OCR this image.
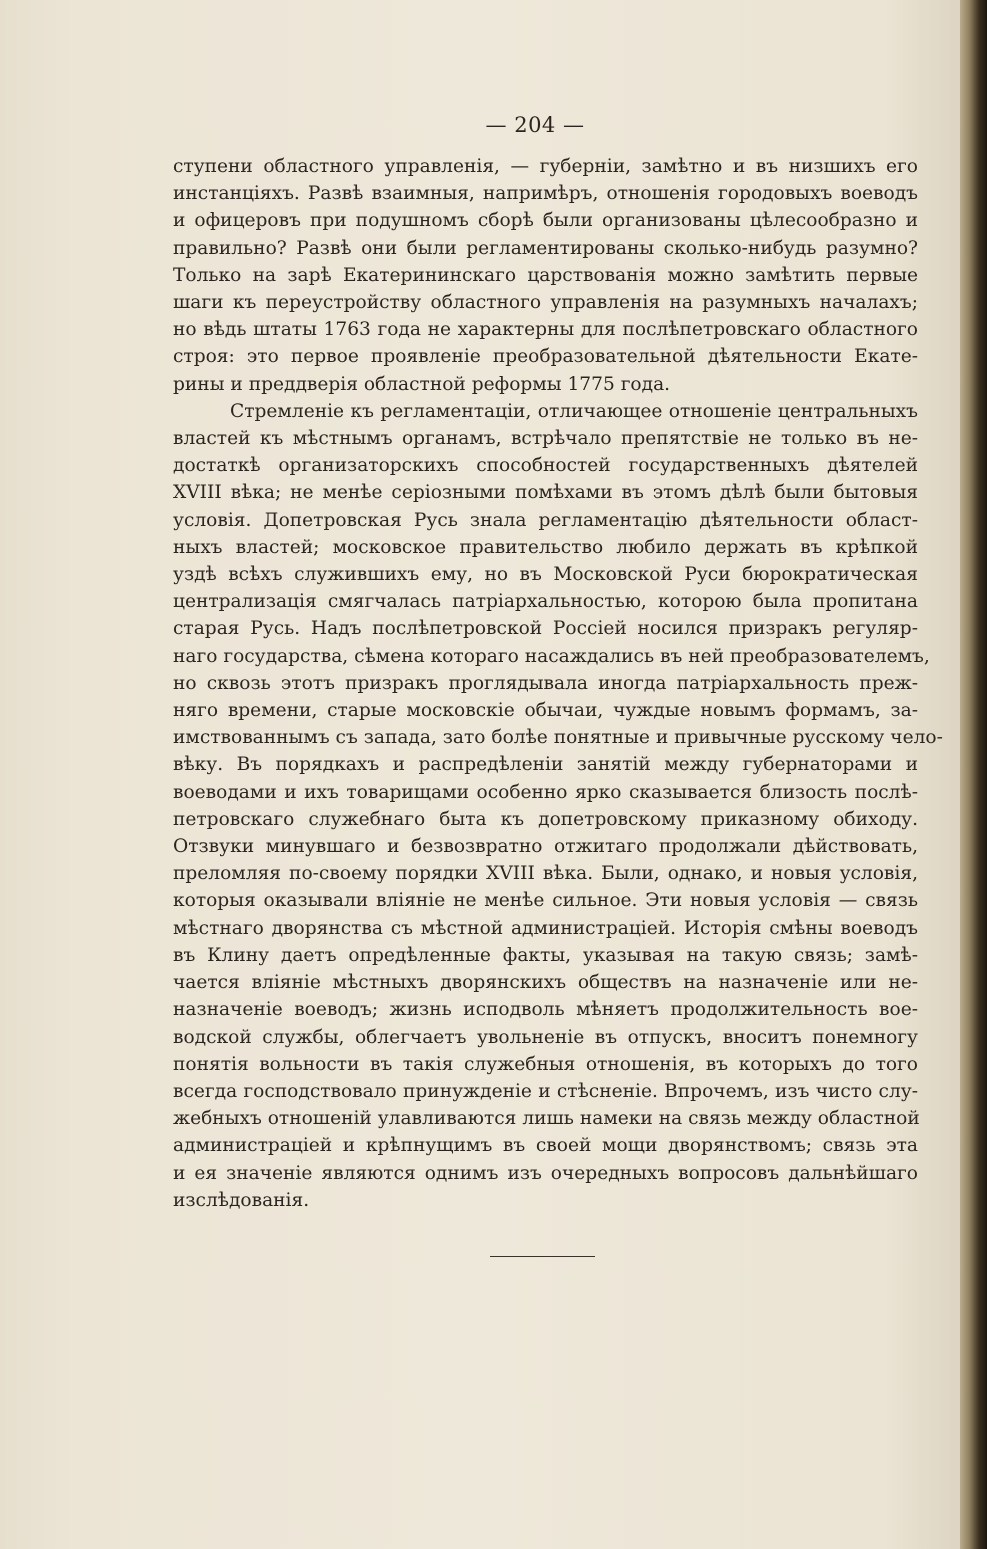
— 204 —
ступени областного управленія, — губерніи, замѣтно и въ низшихъ его
инстанціяхъ. Развѣ взаимныя, напримѣръ, отношенія городовыхъ воеводъ
и офицеровъ при подушномъ сборѣ были организованы цѣлесообразно и
правильно? Развѣ они были регламентированы сколько-нибудь разумно?
Только на зарѣ Екатерининскаго царствованія можно замѣтить первые
шаги къ переустройству областного управленія на разумныхъ началахъ;
но вѣдь штаты 1763 года не характерны для послѣпетровскаго областного
строя: это первое проявленіе преобразовательной дѣятельности Екате-
рины и преддверія областной реформы 1775 года.
Стремленіе къ регламентаціи, отличающее отношеніе центральныхъ
властей къ мѣстнымъ органамъ, встрѣчало препятствіе не только въ не-
достаткѣ организаторскихъ способностей государственныхъ дѣятелей
XVIII вѣка; не менѣе серіозными помѣхами въ этомъ дѣлѣ были бытовыя
условія. Допетровская Русь знала регламентацію дѣятельности област-
ныхъ властей; московское правительство любило держать въ крѣпкой
уздѣ всѣхъ служившихъ ему, но въ Московской Руси бюрократическая
централизація смягчалась патріархальностью, которою была пропитана
старая Русь. Надъ послѣпетровской Россіей носился призракъ регуляр-
наго государства, сѣмена котораго насаждались въ ней преобразователемъ,
но сквозь этотъ призракъ проглядывала иногда патріархальность преж-
няго времени, старые московскіе обычаи, чуждые новымъ формамъ, за-
имствованнымъ съ запада, зато болѣе понятные и привычные русскому чело-
вѣку. Въ порядкахъ и распредѣленіи занятій между губернаторами и
воеводами и ихъ товарищами особенно ярко сказывается близость послѣ-
петровскаго служебнаго быта къ допетровскому приказному обиходу.
Отзвуки минувшаго и безвозвратно отжитаго продолжали дѣйствовать,
преломляя по-своему порядки XVIII вѣка. Были, однако, и новыя условія,
которыя оказывали вліяніе не менѣе сильное. Эти новыя условія — связь
мѣстнаго дворянства съ мѣстной администраціей. Исторія смѣны воеводъ
въ Клину даетъ опредѣленные факты, указывая на такую связь; замѣ-
чается вліяніе мѣстныхъ дворянскихъ обществъ на назначеніе или не-
назначеніе воеводъ; жизнь исподволь мѣняетъ продолжительность вое-
водской службы, облегчаетъ увольненіе въ отпускъ, вноситъ понемногу
понятія вольности въ такія служебныя отношенія, въ которыхъ до того
всегда господствовало принужденіе и стѣсненіе. Впрочемъ, изъ чисто слу-
жебныхъ отношеній улавливаются лишь намеки на связь между областной
администраціей и крѣпнущимъ въ своей мощи дворянствомъ; связь эта
и ея значеніе являются однимъ изъ очередныхъ вопросовъ дальнѣйшаго
изслѣдованія.
